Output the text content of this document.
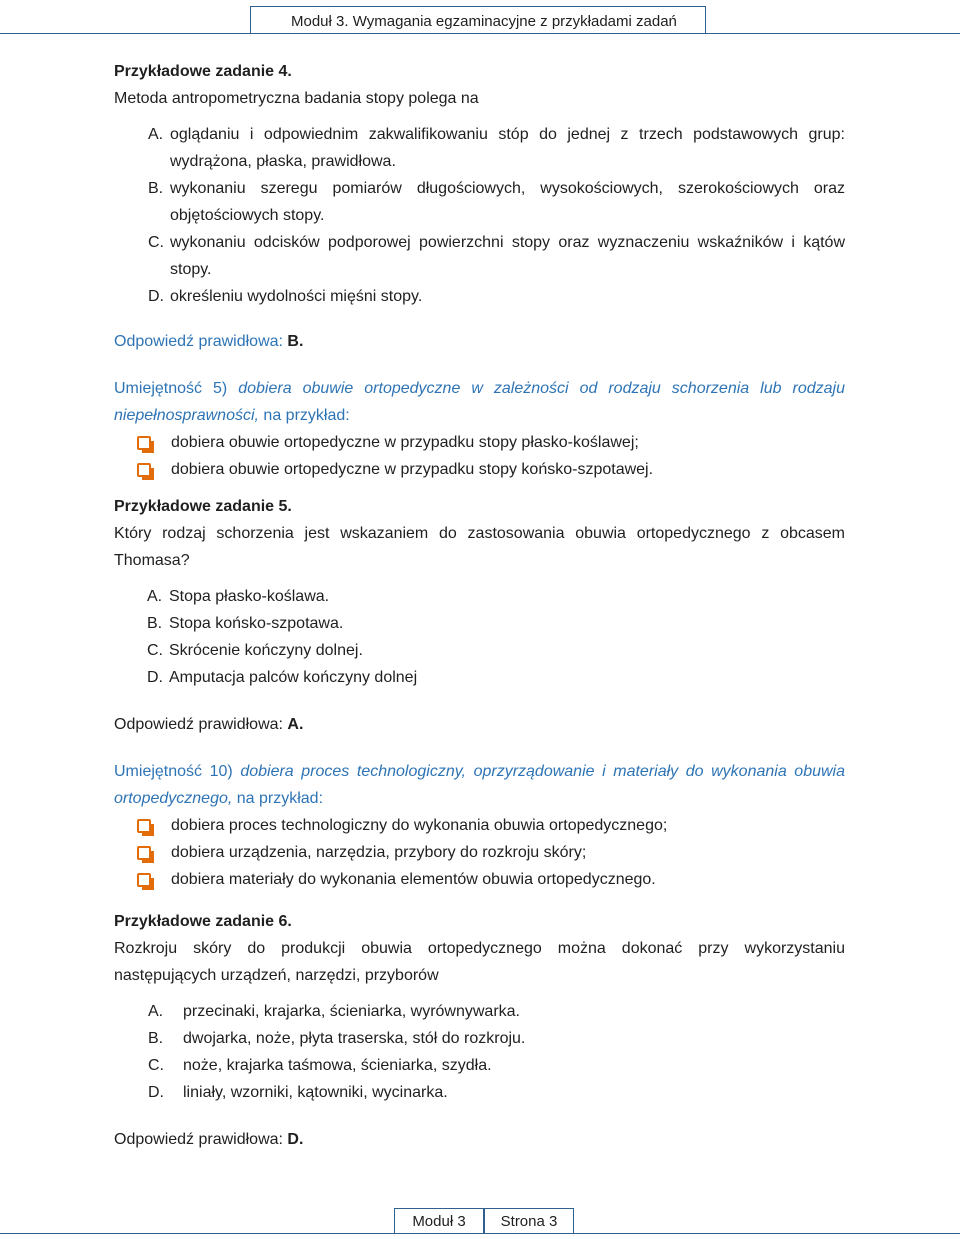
Moduł 3. Wymagania egzaminacyjne z przykładami zadań

Przykładowe zadanie 4.

Metoda antropometryczna badania stopy polega na

A. oglądaniu i odpowiednim zakwalifikowaniu stóp do jednej z trzech podstawowych grup: wydrążona, płaska, prawidłowa.
B. wykonaniu szeregu pomiarów długościowych, wysokościowych, szerokościowych oraz objętościowych stopy.
C. wykonaniu odcisków podporowej powierzchni stopy oraz wyznaczeniu wskaźników i kątów stopy.
D. określeniu wydolności mięśni stopy.

Odpowiedź prawidłowa: B.

Umiejętność 5) dobiera obuwie ortopedyczne w zależności od rodzaju schorzenia lub rodzaju niepełnosprawności, na przykład:

dobiera obuwie ortopedyczne w przypadku stopy płasko-koślawej;
dobiera obuwie ortopedyczne w przypadku stopy końsko-szpotawej.

Przykładowe zadanie 5.

Który rodzaj schorzenia jest wskazaniem do zastosowania obuwia ortopedycznego z obcasem Thomasa?

A. Stopa płasko-koślawa.
B. Stopa końsko-szpotawa.
C. Skrócenie kończyny dolnej.
D. Amputacja palców kończyny dolnej

Odpowiedź prawidłowa: A.

Umiejętność 10) dobiera proces technologiczny, oprzyrządowanie i materiały do wykonania obuwia ortopedycznego, na przykład:

dobiera proces technologiczny do wykonania obuwia ortopedycznego;
dobiera urządzenia, narzędzia, przybory do rozkroju skóry;
dobiera materiały do wykonania elementów obuwia ortopedycznego.

Przykładowe zadanie 6.

Rozkroju skóry do produkcji obuwia ortopedycznego można dokonać przy wykorzystaniu następujących urządzeń, narzędzi, przyborów

A.	przecinaki, krajarka, ścieniarka, wyrównywarka.
B.	dwojarka, noże, płyta traserska, stół do rozkroju.
C.	noże, krajarka taśmowa, ścieniarka, szydła.
D.	liniały, wzorniki, kątowniki, wycinarka.

Odpowiedź prawidłowa: D.

Moduł 3	Strona 3
